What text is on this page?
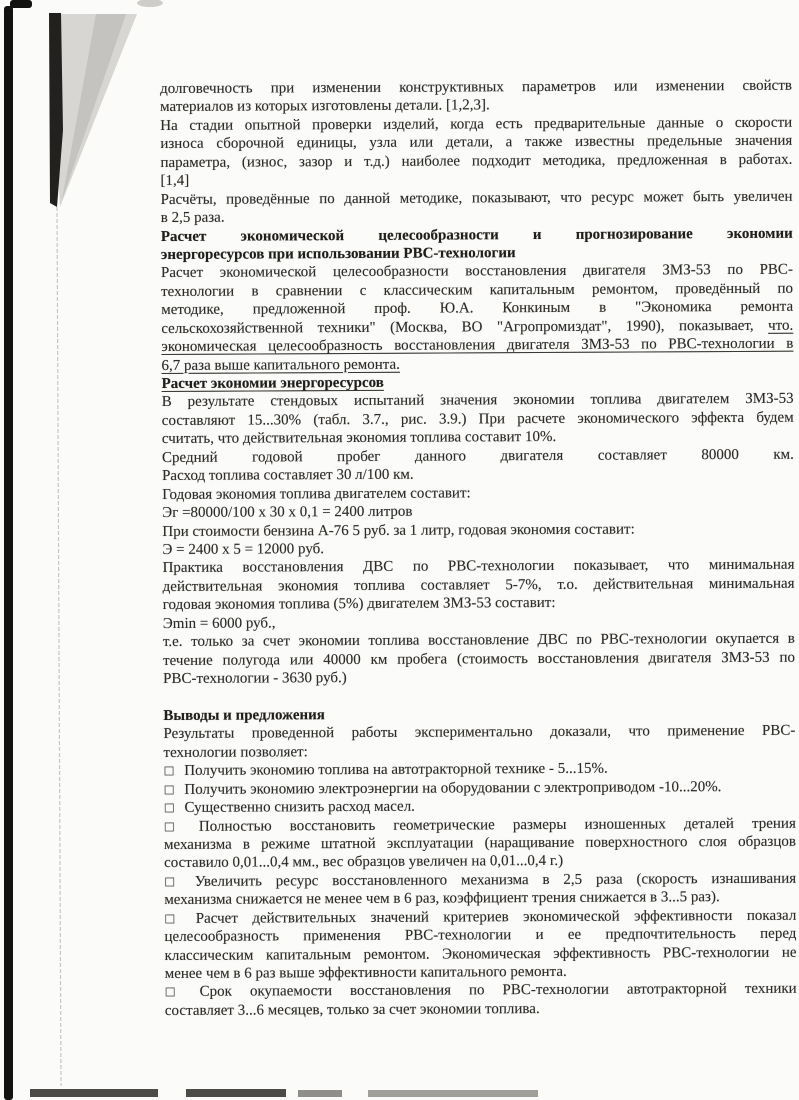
долговечность при изменении конструктивных параметров или изменении свойств
материалов из которых изготовлены детали. [1,2,3].
На стадии опытной проверки изделий, когда есть предварительные данные о скорости
износа сборочной единицы, узла или детали, а также известны предельные значения
параметра, (износ, зазор и т.д.) наиболее подходит методика, предложенная в работах.
[1,4]
Расчёты, проведённые по данной методике, показывают, что ресурс может быть увеличен
в 2,5 раза.
Расчет экономической целесообразности и прогнозирование экономии
энергоресурсов при использовании РВС-технологии
Расчет экономической целесообразности восстановления двигателя ЗМЗ-53 по РВС-
технологии в сравнении с классическим капитальным ремонтом, проведённый по
методике, предложенной проф. Ю.А. Конкиным в "Экономика ремонта
сельскохозяйственной техники" (Москва, ВО "Агропромиздат", 1990), показывает, что.
экономическая целесообразность восстановления двигателя ЗМЗ-53 по РВС-технологии в
6,7 раза выше капитального ремонта.
Расчет экономии энергоресурсов
В результате стендовых испытаний значения экономии топлива двигателем ЗМЗ-53
составляют 15...30% (табл. 3.7., рис. 3.9.) При расчете экономического эффекта будем
считать, что действительная экономия топлива составит 10%.
Средний годовой пробег данного двигателя составляет 80000 км.
Расход топлива составляет 30 л/100 км.
Годовая экономия топлива двигателем составит:
Эг =80000/100 х 30 х 0,1 = 2400 литров
При стоимости бензина А-76 5 руб. за 1 литр, годовая экономия составит:
Э = 2400 х 5 = 12000 руб.
Практика восстановления ДВС по РВС-технологии показывает, что минимальная
действительная экономия топлива составляет 5-7%, т.о. действительная минимальная
годовая экономия топлива (5%) двигателем ЗМЗ-53 составит:
Эmin = 6000 руб.,
т.е. только за счет экономии топлива восстановление ДВС по РВС-технологии окупается в
течение полугода или 40000 км пробега (стоимость восстановления двигателя ЗМЗ-53 по
РВС-технологии - 3630 руб.)
Выводы и предложения
Результаты проведенной работы экспериментально доказали, что применение РВС-
технологии позволяет:
□ Получить экономию топлива на автотракторной технике - 5...15%.
□ Получить экономию электроэнергии на оборудовании с электроприводом -10...20%.
□ Существенно снизить расход масел.
□ Полностью восстановить геометрические размеры изношенных деталей трения
механизма в режиме штатной эксплуатации (наращивание поверхностного слоя образцов
составило 0,01...0,4 мм., вес образцов увеличен на 0,01...0,4 г.)
□ Увеличить ресурс восстановленного механизма в 2,5 раза (скорость изнашивания
механизма снижается не менее чем в 6 раз, коэффициент трения снижается в 3...5 раз).
□ Расчет действительных значений критериев экономической эффективности показал
целесообразность применения РВС-технологии и ее предпочтительность перед
классическим капитальным ремонтом. Экономическая эффективность РВС-технологии не
менее чем в 6 раз выше эффективности капитального ремонта.
□ Срок окупаемости восстановления по РВС-технологии автотракторной техники
составляет 3...6 месяцев, только за счет экономии топлива.
